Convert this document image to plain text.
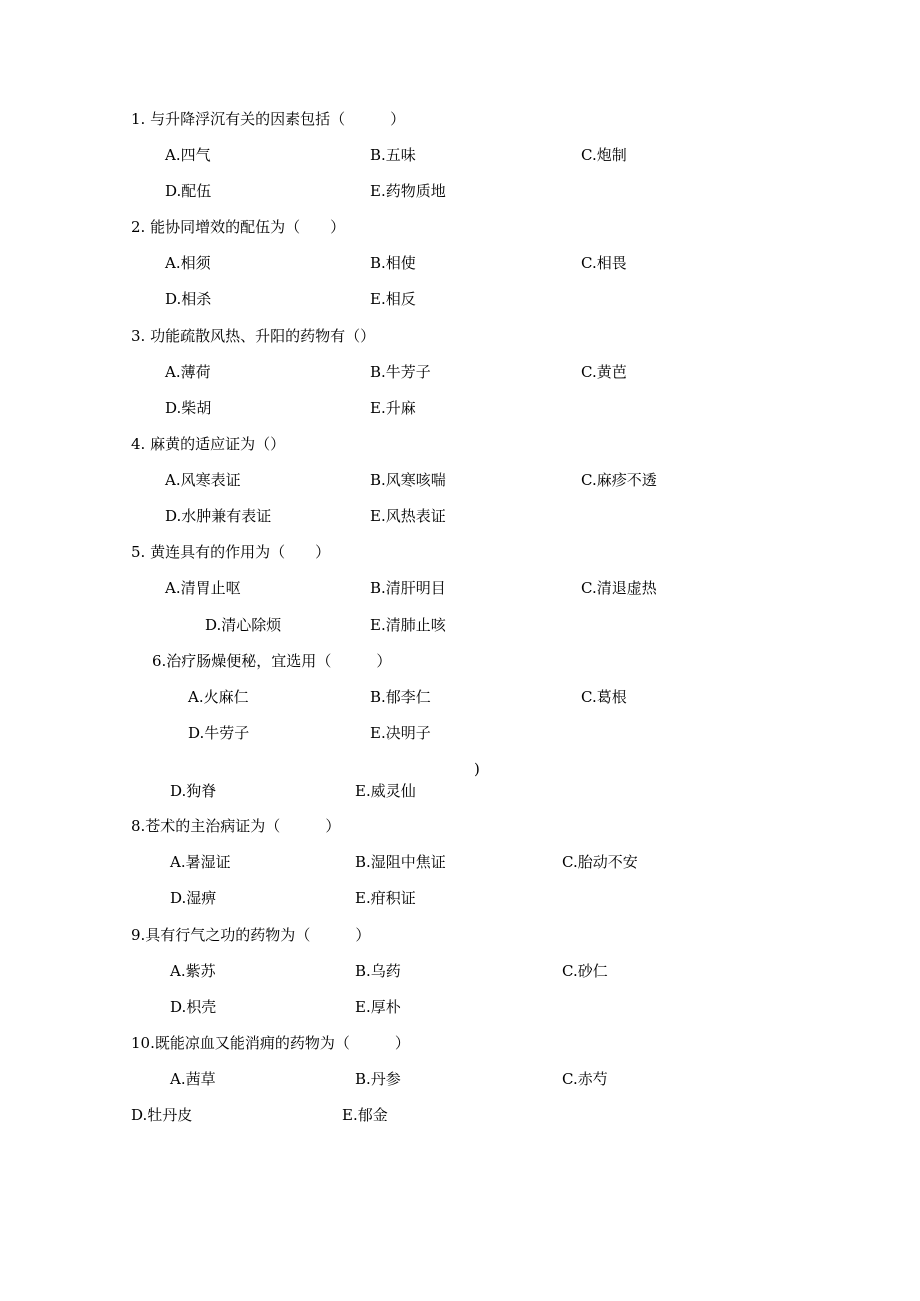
1. 与升降浮沉有关的因素包括（　　　）
A.四气	B.五味	C.炮制
D.配伍	E.药物质地
2. 能协同增效的配伍为（　　）
A.相须	B.相使	C.相畏
D.相杀	E.相反
3. 功能疏散风热、升阳的药物有（）
A.薄荷	B.牛芳子	C.黄芭
D.柴胡	E.升麻
4. 麻黄的适应证为（）
A.风寒表证	B.风寒咳喘	C.麻疹不透
D.水肿兼有表证	E.风热表证
5. 黄连具有的作用为（　　）
A.清胃止呕	B.清肝明目	C.清退虚热
D.清心除烦	E.清肺止咳
6.治疗肠燥便秘，宜选用（　　　）
A.火麻仁	B.郁李仁	C.葛根
D.牛劳子	E.决明子
)
D.狗脊	E.威灵仙
8.苍术的主治病证为（　　　）
A.暑湿证	B.湿阻中焦证	C.胎动不安
D.湿痹	E.疳积证
9.具有行气之功的药物为（　　　）
A.紫苏	B.乌药	C.砂仁
D.枳壳	E.厚朴
10.既能凉血又能消痈的药物为（　　　）
A.茜草	B.丹参	C.赤芍
D.牡丹皮	E.郁金
